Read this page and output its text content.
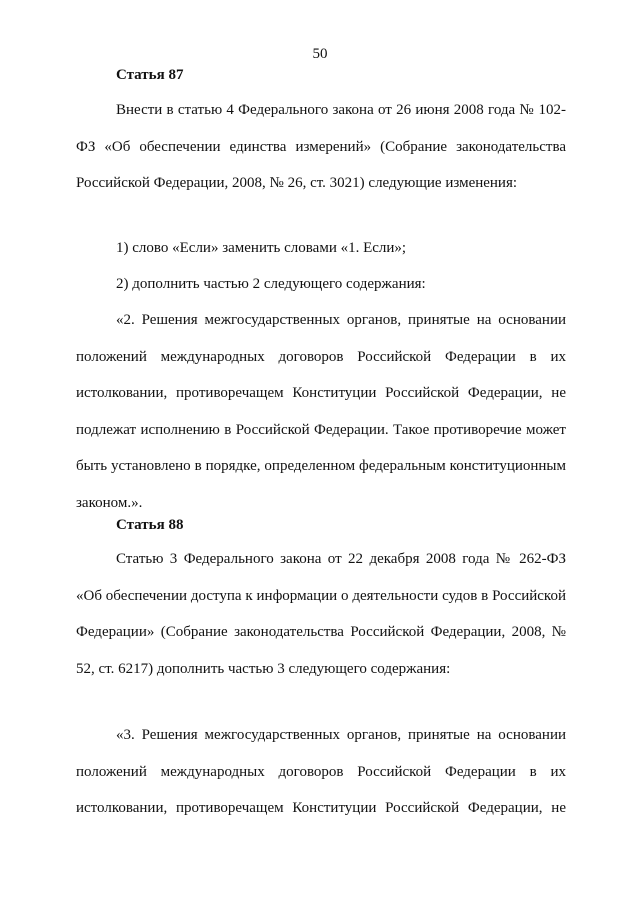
50
Статья 87

Внести в статью 4 Федерального закона от 26 июня 2008 года № 102-ФЗ «Об обеспечении единства измерений» (Собрание законодательства Российской Федерации, 2008, № 26, ст. 3021) следующие изменения:

1) слово «Если» заменить словами «1. Если»;
2) дополнить частью 2 следующего содержания:

«2. Решения межгосударственных органов, принятые на основании положений международных договоров Российской Федерации в их истолковании, противоречащем Конституции Российской Федерации, не подлежат исполнению в Российской Федерации. Такое противоречие может быть установлено в порядке, определенном федеральным конституционным законом.».

Статья 88

Статью 3 Федерального закона от 22 декабря 2008 года № 262-ФЗ «Об обеспечении доступа к информации о деятельности судов в Российской Федерации» (Собрание законодательства Российской Федерации, 2008, № 52, ст. 6217) дополнить частью 3 следующего содержания:

«3. Решения межгосударственных органов, принятые на основании положений международных договоров Российской Федерации в их истолковании, противоречащем Конституции Российской Федерации, не
